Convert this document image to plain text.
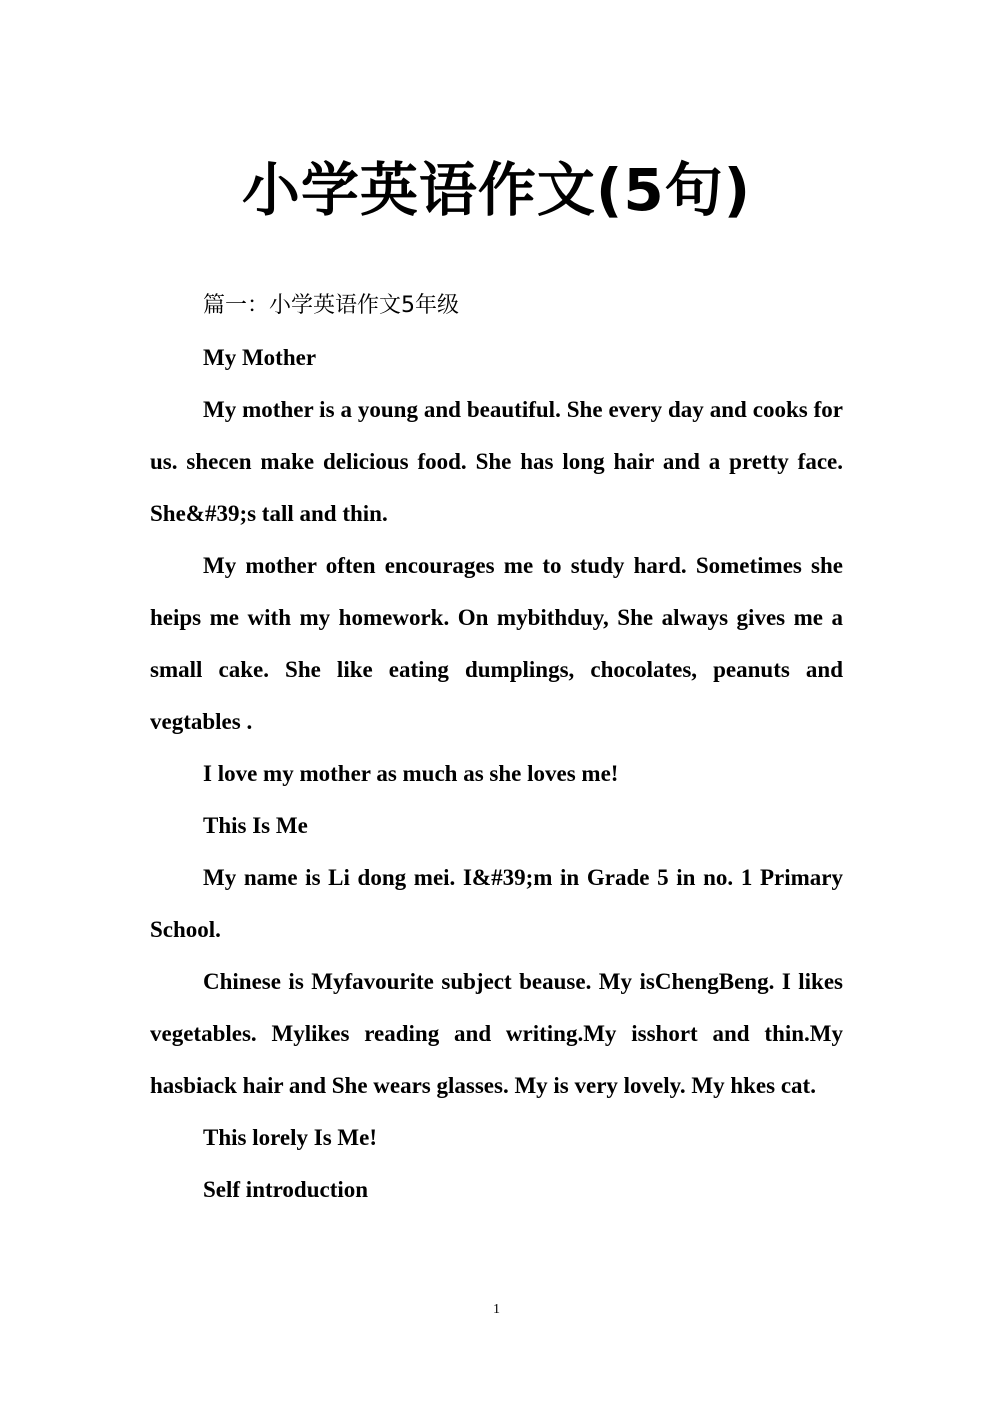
小学英语作文(5句)

篇一：小学英语作文5年级

My Mother

My mother is a young and beautiful. She every day and cooks for us. shecen make delicious food. She has long hair and a pretty face. She&#39;s tall and thin.

My mother often encourages me to study hard. Sometimes she heips me with my homework. On mybithduy, She always gives me a small cake. She like eating dumplings, chocolates, peanuts and vegtables .

I love my mother as much as she loves me!

This Is Me

My name is Li dong mei. I&#39;m in Grade 5 in no. 1 Primary School.

Chinese is Myfavourite subject beause. My isChengBeng. I likes vegetables. Mylikes reading and writing.My isshort and thin.My hasbiack hair and She wears glasses. My is very lovely. My hkes cat.

This lorely Is Me!

Self introduction

1
